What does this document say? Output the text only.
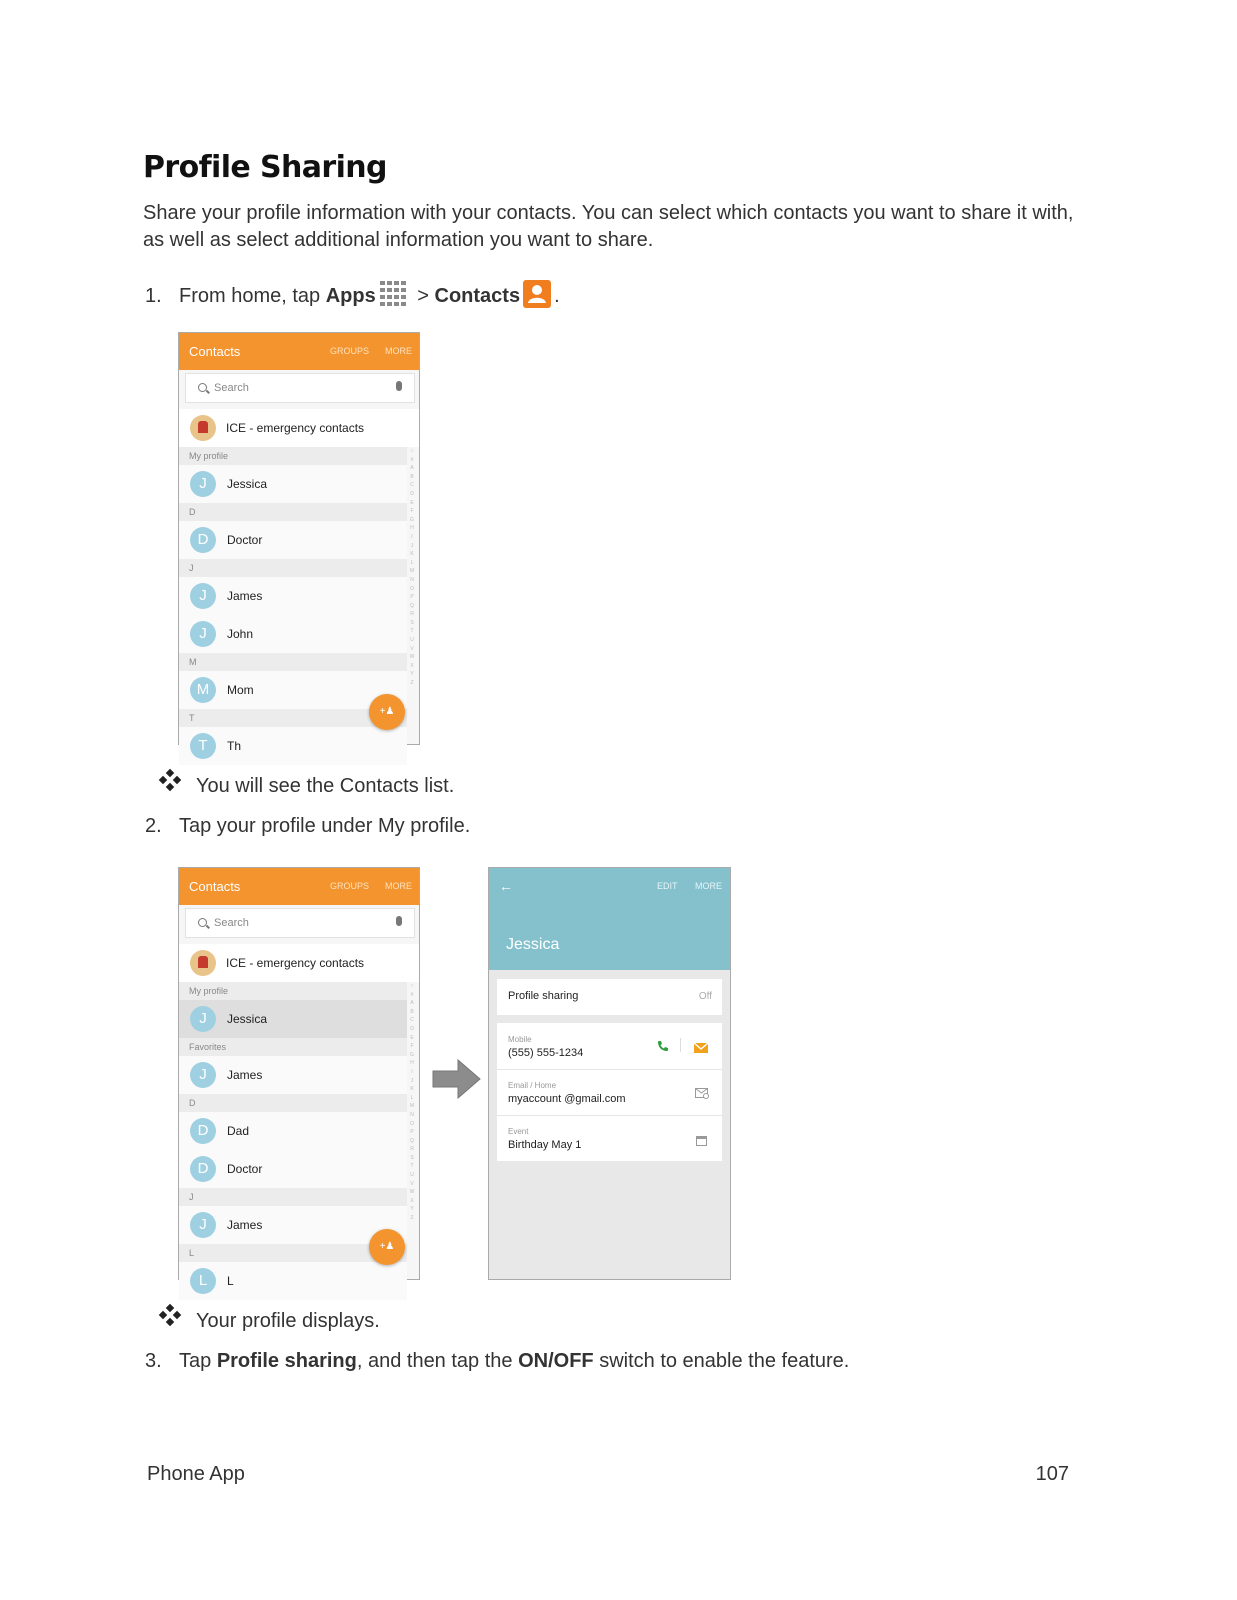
Profile Sharing
Share your profile information with your contacts. You can select which contacts you want to share it with, as well as select additional information you want to share.
1. From home, tap Apps > Contacts .
Contacts	GROUPS MORE
Search
ICE - emergency contacts
My profile
J	Jessica
D
D	Doctor
J
J	James
J	John
M
M	Mom
T
T	Th
☆
#
A
B
C
D
E
F
G
H
I
J
K
L
M
N
O
P
Q
R
S
T
U
V
W
X
Y
Z
+♟
You will see the Contacts list.
2. Tap your profile under My profile.
Contacts	GROUPS MORE
Search
ICE - emergency contacts
My profile
J	Jessica
Favorites
J	James
D
D	Dad
D	Doctor
J
J	James
L
L	L
☆
#
A
B
C
D
E
F
G
H
I
J
K
L
M
N
O
P
Q
R
S
T
U
V
W
X
Y
Z
+♟
←	EDIT MORE
Jessica
Profile sharing	Off
Mobile
(555) 555-1234
Email / Home
myaccount @gmail.com
Event
Birthday May 1
Your profile displays.
3. Tap Profile sharing, and then tap the ON/OFF switch to enable the feature.
Phone App	107
